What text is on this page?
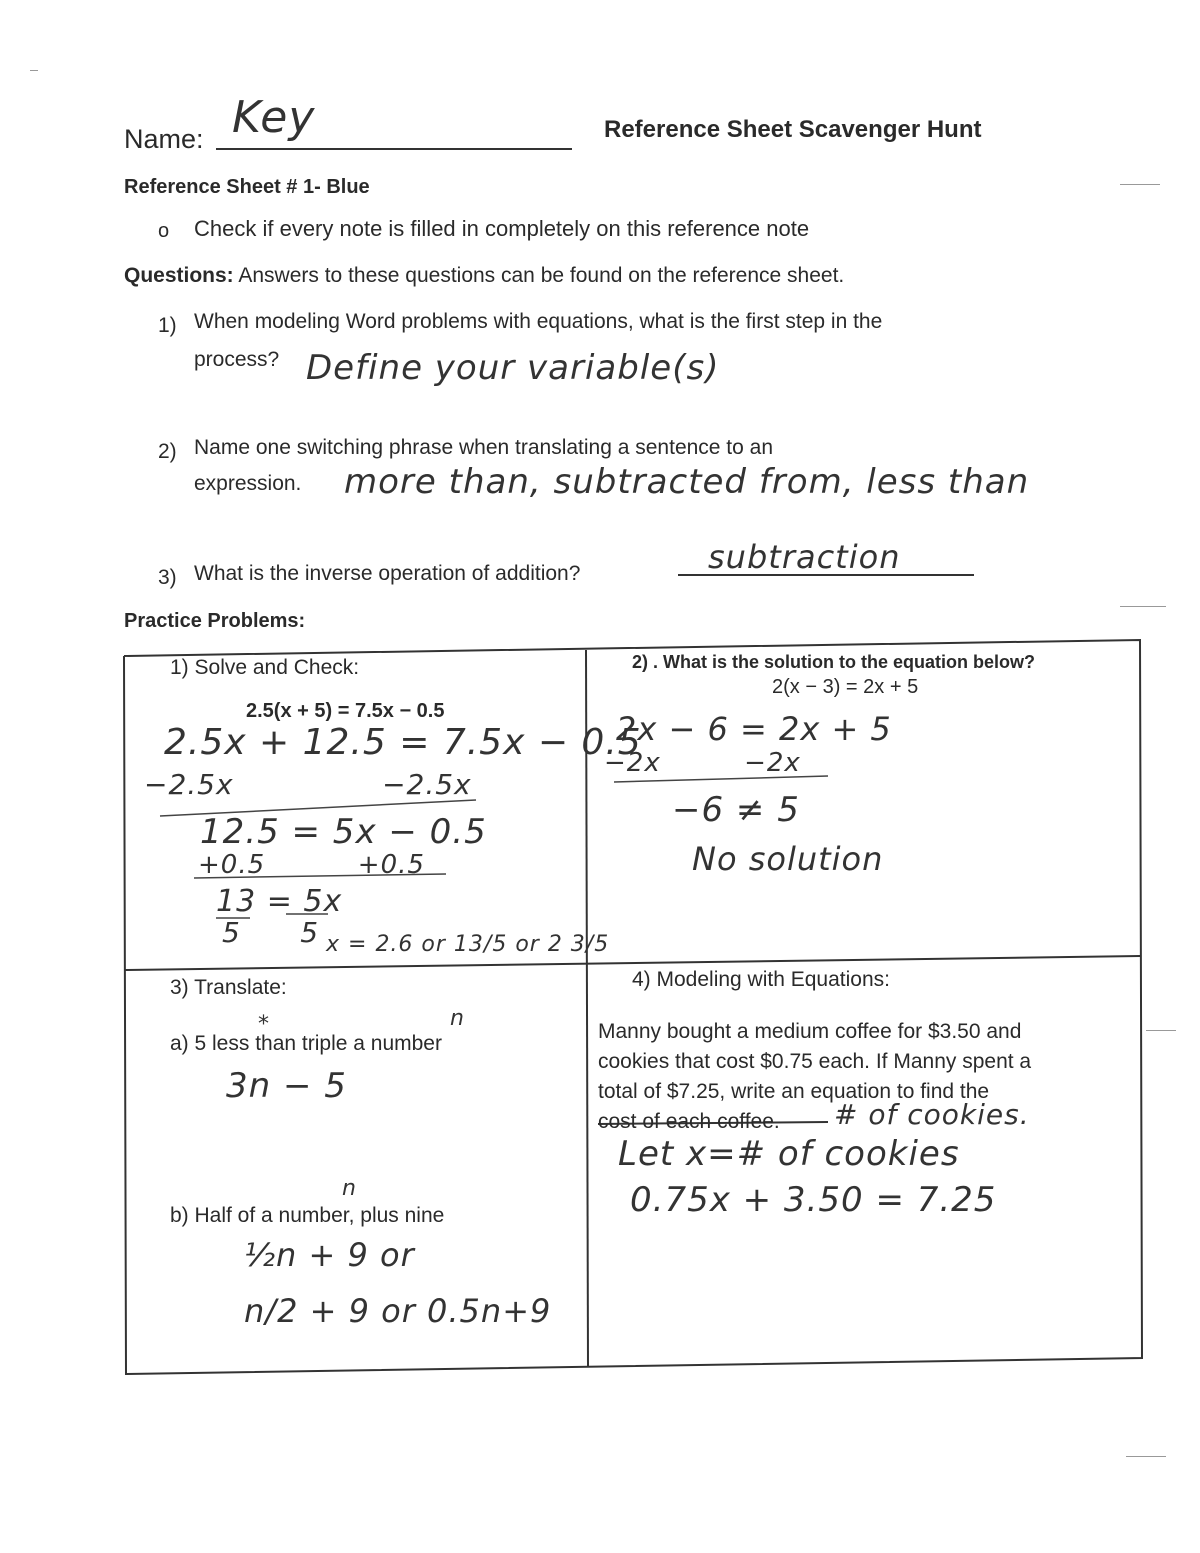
Name: Key	Reference Sheet Scavenger Hunt
Reference Sheet # 1- Blue
o Check if every note is filled in completely on this reference note
Questions: Answers to these questions can be found on the reference sheet.
1) When modeling Word problems with equations, what is the first step in the
process? Define your variable(s)
2) Name one switching phrase when translating a sentence to an
expression. more than, subtracted from, less than
3) What is the inverse operation of addition?	subtraction
Practice Problems:
1) Solve and Check:
2.5(x + 5) = 7.5x − 0.5
2.5x + 12.5 = 7.5x − 0.5
−2.5x               −2.5x
12.5 = 5x − 0.5
+0.5          +0.5
13 = 5x
5      5 x = 2.6 or 13/5 or 2 3/5
2) . What is the solution to the equation below?
2(x − 3) = 2x + 5
2x − 6 = 2x + 5
−2x         −2x
−6 ≠ 5
No solution
3) Translate:
*	n
a) 5 less than triple a number
3n − 5
n
b) Half of a number, plus nine
½n + 9 or
n/2 + 9 or 0.5n+9
4) Modeling with Equations:
Manny bought a medium coffee for $3.50 and
cookies that cost $0.75 each. If Manny spent a
total of $7.25, write an equation to find the
cost of each coffee. # of cookies.
Let x=# of cookies
0.75x + 3.50 = 7.25
